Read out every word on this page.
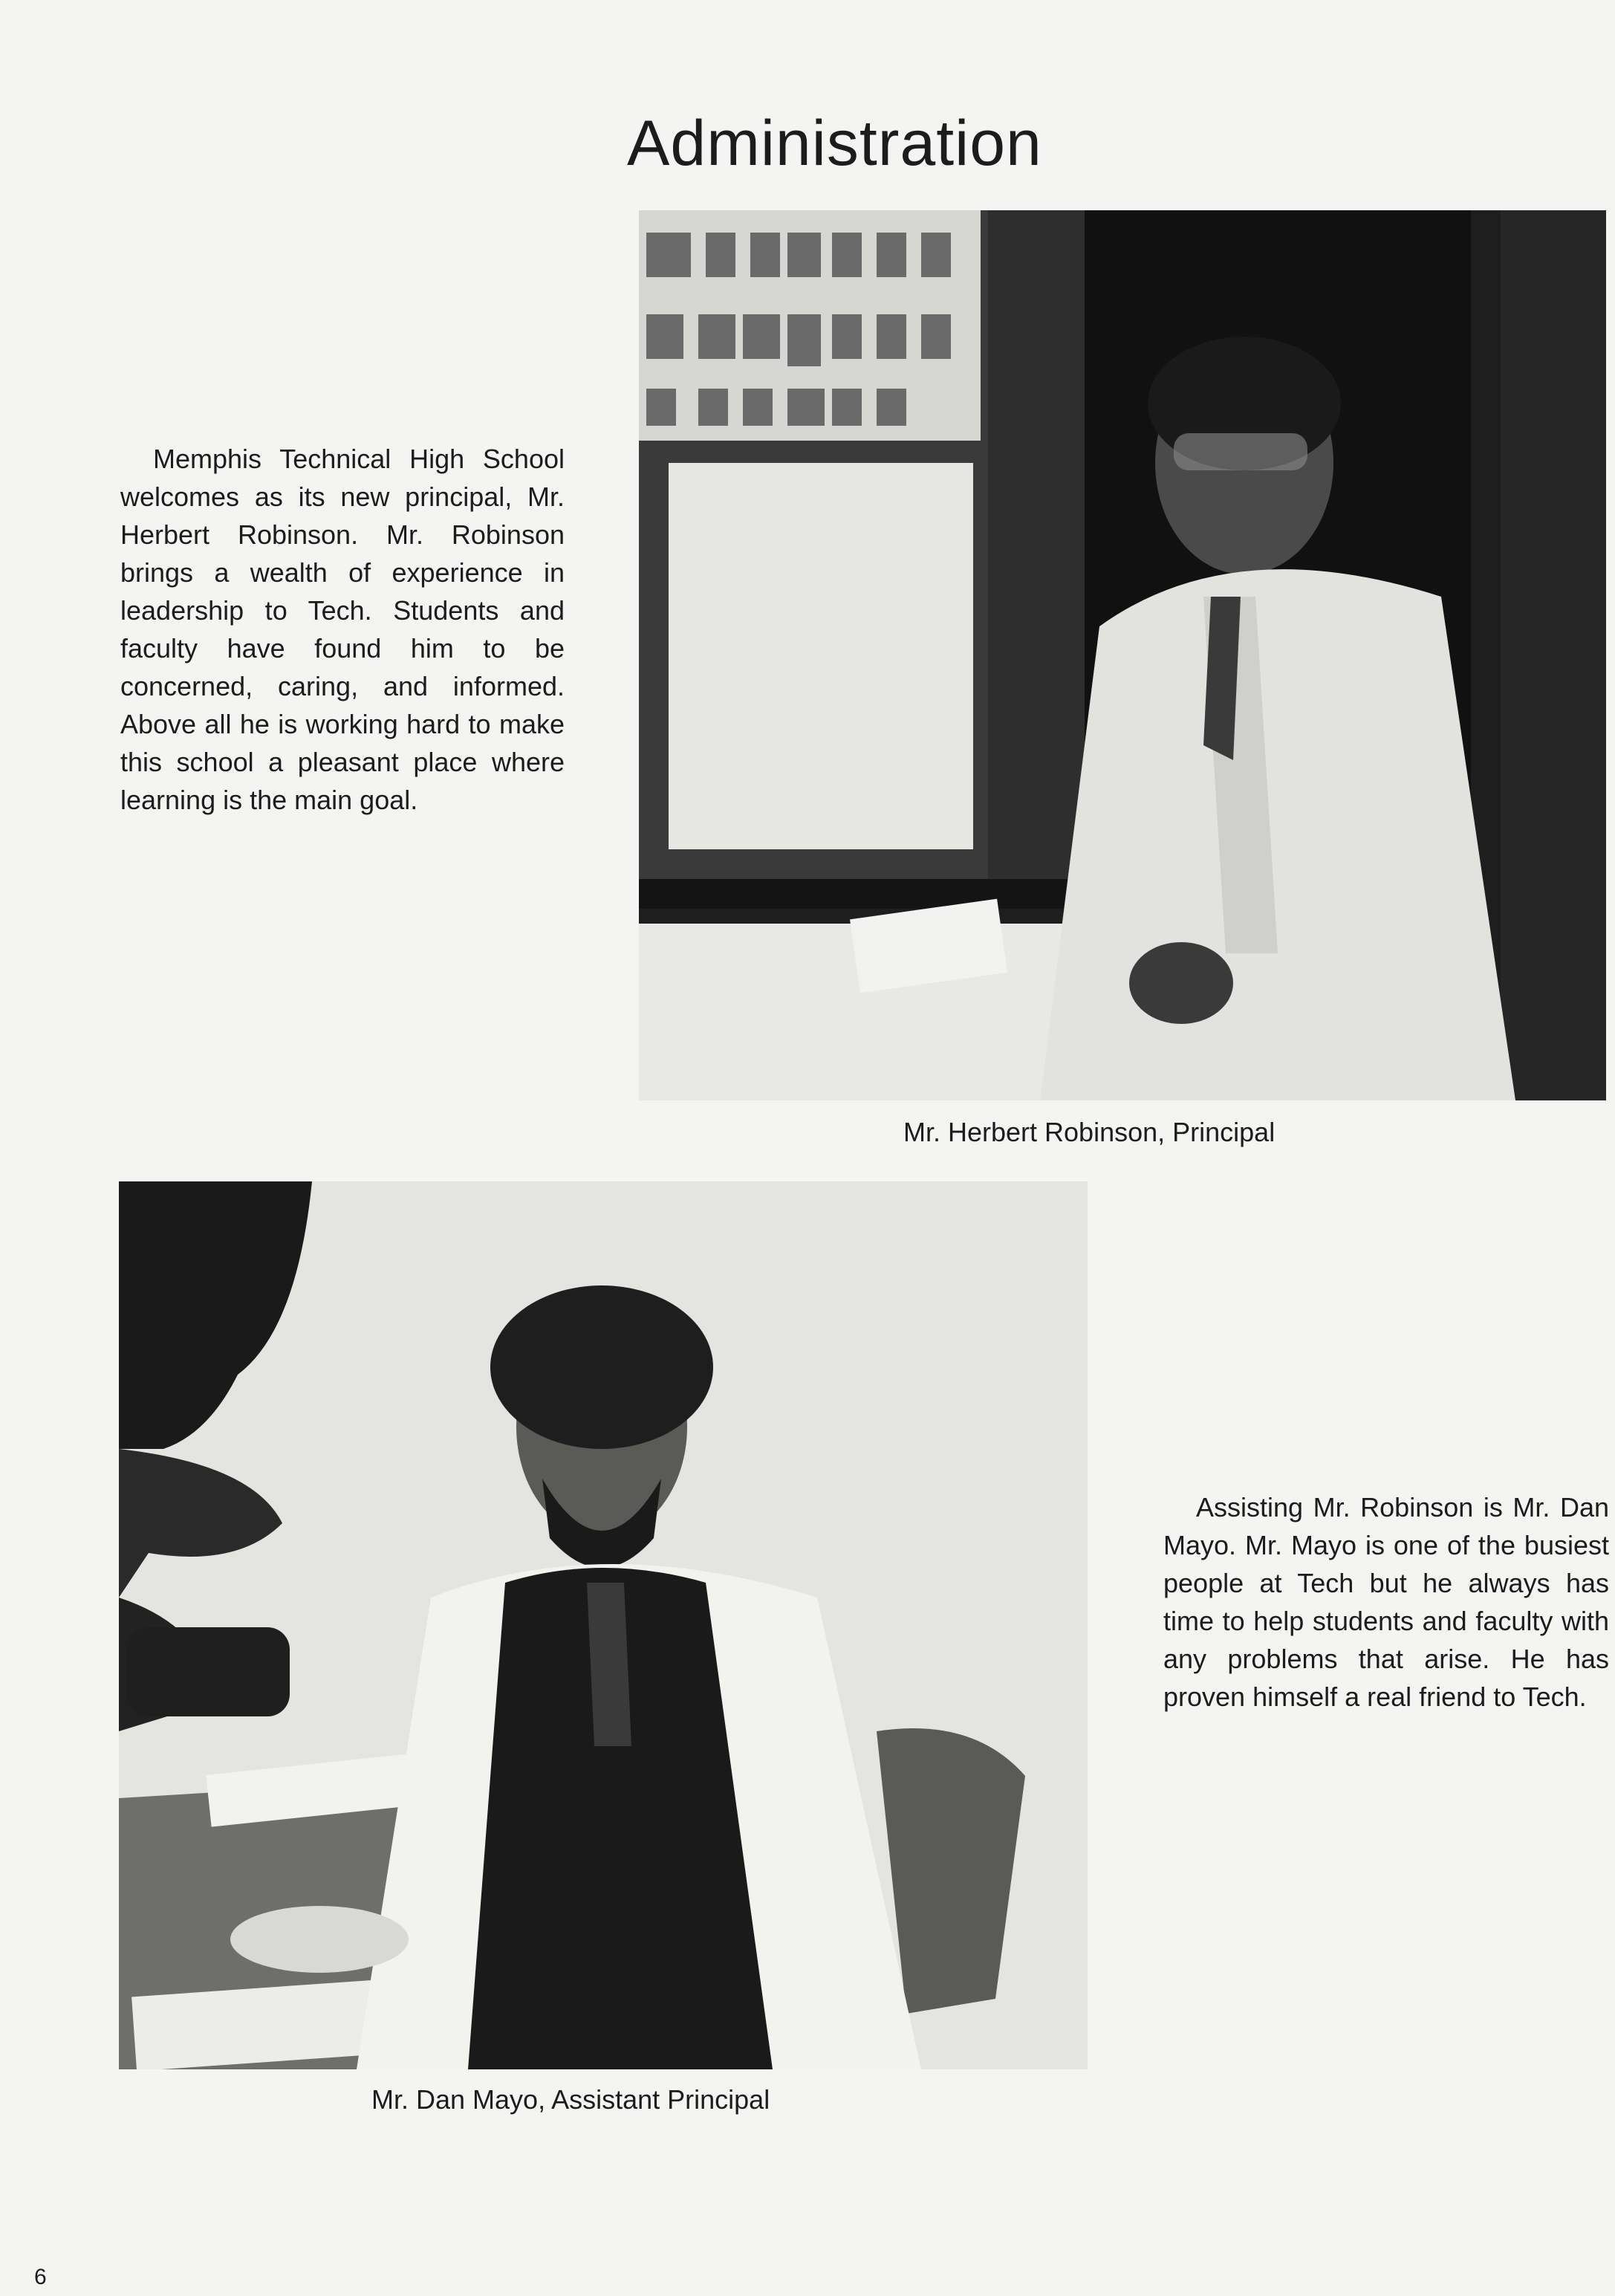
Administration

Memphis Technical High School welcomes as its new principal, Mr. Herbert Robinson. Mr. Robinson brings a wealth of experience in leadership to Tech. Students and faculty have found him to be concerned, caring, and informed. Above all he is working hard to make this school a pleasant place where learning is the main goal.

Mr. Herbert Robinson, Principal

Mr. Dan Mayo, Assistant Principal

Assisting Mr. Robinson is Mr. Dan Mayo. Mr. Mayo is one of the busiest people at Tech but he always has time to help students and faculty with any problems that arise. He has proven himself a real friend to Tech.

6
